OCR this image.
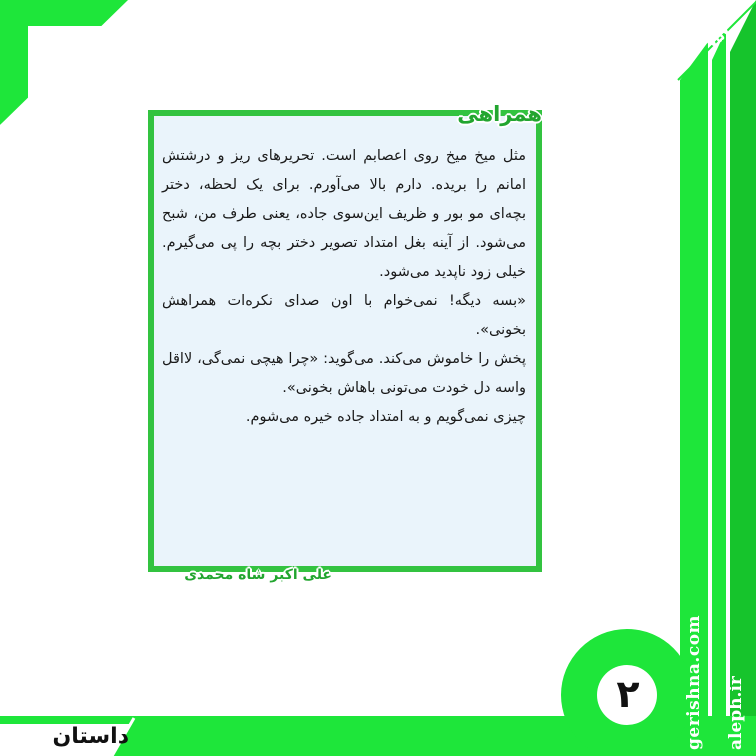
۷۵۷
gerishna.com aleph.ir
۲
داستان
همراهی

مثل میخ میخ روی اعصابم است. تحریرهای ریز و درشتش امانم را بریده. دارم بالا می‌آورم. برای یک لحظه، دختر بچه‌ای مو بور و ظریف این‌سوی جاده، یعنی طرف من، شبح می‌شود. از آینه بغل امتداد تصویر دختر بچه را پی می‌گیرم. خیلی زود ناپدید می‌شود.

«بسه دیگه! نمی‌خوام با اون صدای نکره‌ات همراهش بخونی».

پخش را خاموش می‌کند. می‌گوید: «چرا هیچی نمی‌گی، لااقل واسه دل خودت می‌تونی باهاش بخونی».

چیزی نمی‌گویم و به امتداد جاده خیره می‌شوم.

علی اکبر شاه محمدی
